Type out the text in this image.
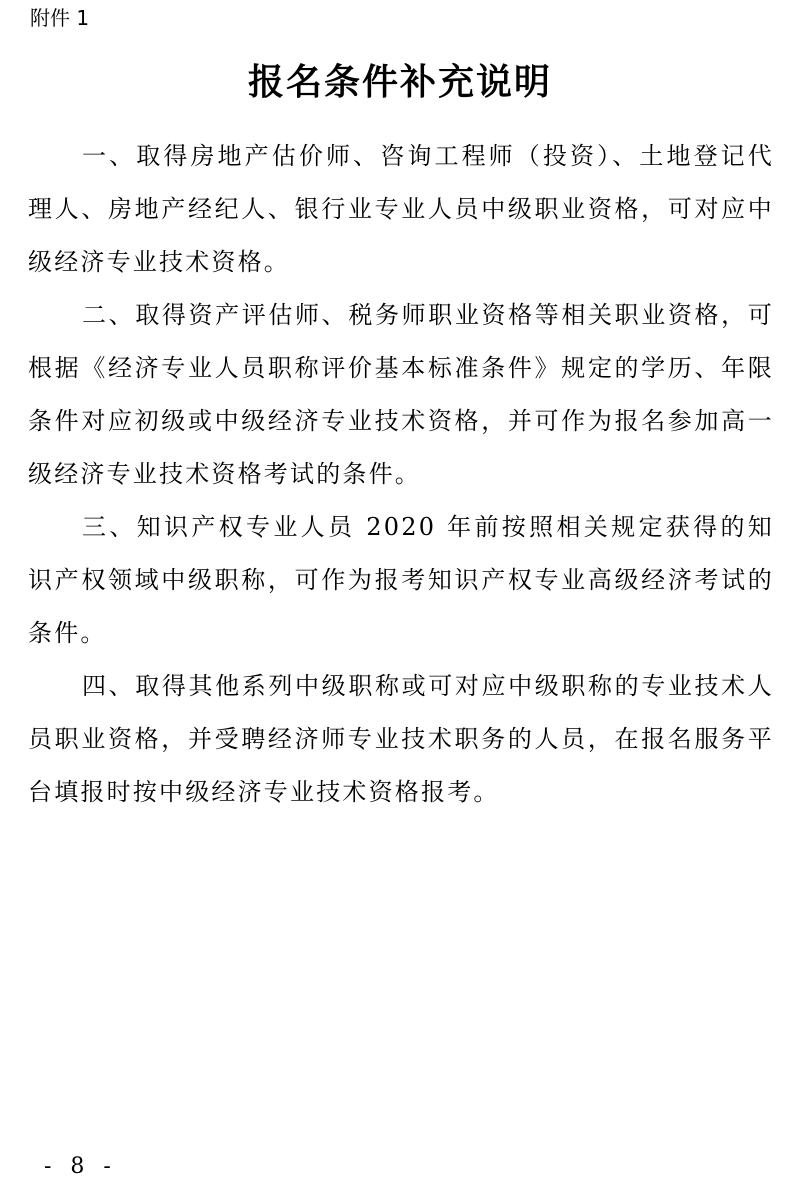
附件 1
报名条件补充说明

一、取得房地产估价师、咨询工程师（投资）、土地登记代理人、房地产经纪人、银行业专业人员中级职业资格，可对应中级经济专业技术资格。

二、取得资产评估师、税务师职业资格等相关职业资格，可根据《经济专业人员职称评价基本标准条件》规定的学历、年限条件对应初级或中级经济专业技术资格，并可作为报名参加高一级经济专业技术资格考试的条件。

三、知识产权专业人员 2020 年前按照相关规定获得的知识产权领域中级职称，可作为报考知识产权专业高级经济考试的条件。

四、取得其他系列中级职称或可对应中级职称的专业技术人员职业资格，并受聘经济师专业技术职务的人员，在报名服务平台填报时按中级经济专业技术资格报考。

- 8 -
